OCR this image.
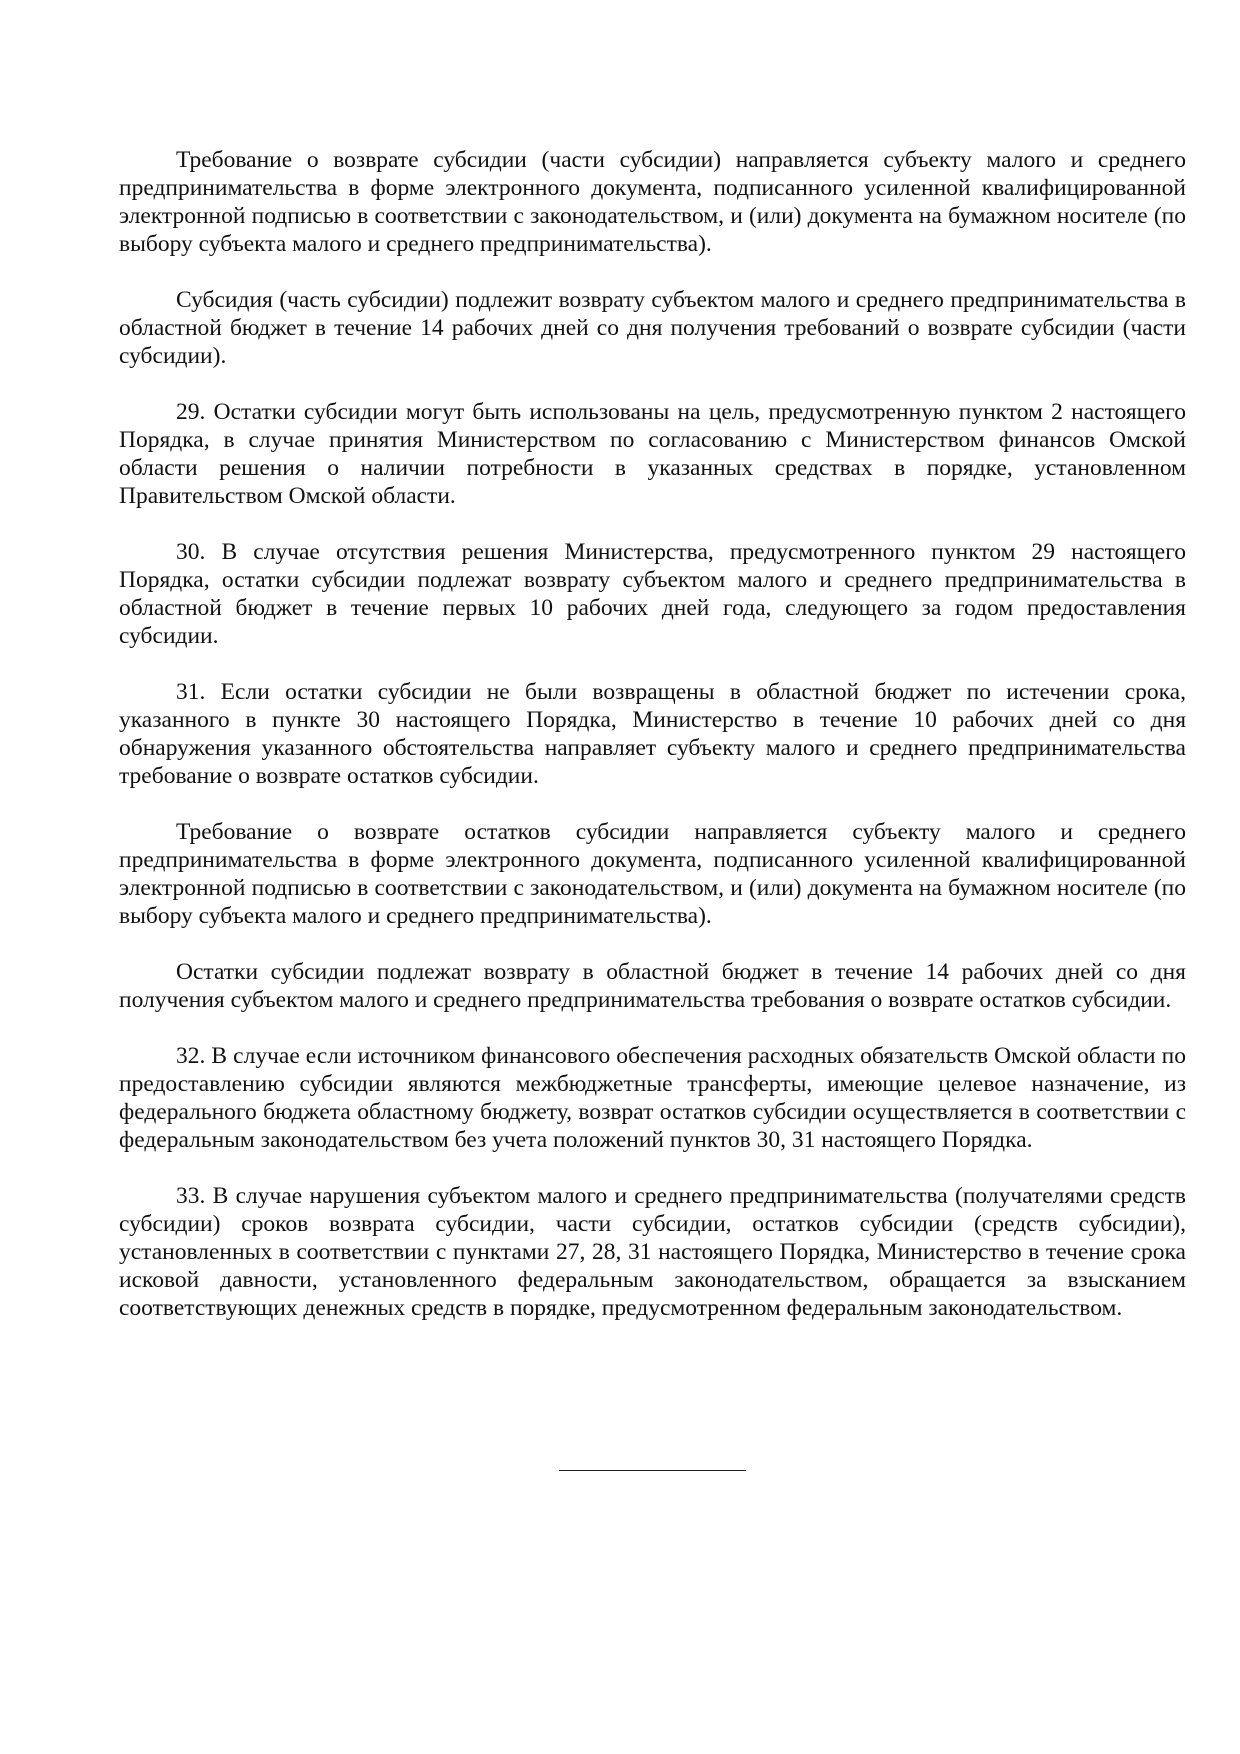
Требование о возврате субсидии (части субсидии) направляется субъекту малого и среднего предпринимательства в форме электронного документа, подписанного усиленной квалифицированной электронной подписью в соответствии с законодательством, и (или) документа на бумажном носителе (по выбору субъекта малого и среднего предпринимательства).

Субсидия (часть субсидии) подлежит возврату субъектом малого и среднего предпринимательства в областной бюджет в течение 14 рабочих дней со дня получения требований о возврате субсидии (части субсидии).

29. Остатки субсидии могут быть использованы на цель, предусмотренную пунктом 2 настоящего Порядка, в случае принятия Министерством по согласованию с Министерством финансов Омской области решения о наличии потребности в указанных средствах в порядке, установленном Правительством Омской области.

30. В случае отсутствия решения Министерства, предусмотренного пунктом 29 настоящего Порядка, остатки субсидии подлежат возврату субъектом малого и среднего предпринимательства в областной бюджет в течение первых 10 рабочих дней года, следующего за годом предоставления субсидии.

31. Если остатки субсидии не были возвращены в областной бюджет по истечении срока, указанного в пункте 30 настоящего Порядка, Министерство в течение 10 рабочих дней со дня обнаружения указанного обстоятельства направляет субъекту малого и среднего предпринимательства требование о возврате остатков субсидии.

Требование о возврате остатков субсидии направляется субъекту малого и среднего предпринимательства в форме электронного документа, подписанного усиленной квалифицированной электронной подписью в соответствии с законодательством, и (или) документа на бумажном носителе (по выбору субъекта малого и среднего предпринимательства).

Остатки субсидии подлежат возврату в областной бюджет в течение 14 рабочих дней со дня получения субъектом малого и среднего предпринимательства требования о возврате остатков субсидии.

32. В случае если источником финансового обеспечения расходных обязательств Омской области по предоставлению субсидии являются межбюджетные трансферты, имеющие целевое назначение, из федерального бюджета областному бюджету, возврат остатков субсидии осуществляется в соответствии с федеральным законодательством без учета положений пунктов 30, 31 настоящего Порядка.

33. В случае нарушения субъектом малого и среднего предпринимательства (получателями средств субсидии) сроков возврата субсидии, части субсидии, остатков субсидии (средств субсидии), установленных в соответствии с пунктами 27, 28, 31 настоящего Порядка, Министерство в течение срока исковой давности, установленного федеральным законодательством, обращается за взысканием соответствующих денежных средств в порядке, предусмотренном федеральным законодательством.
